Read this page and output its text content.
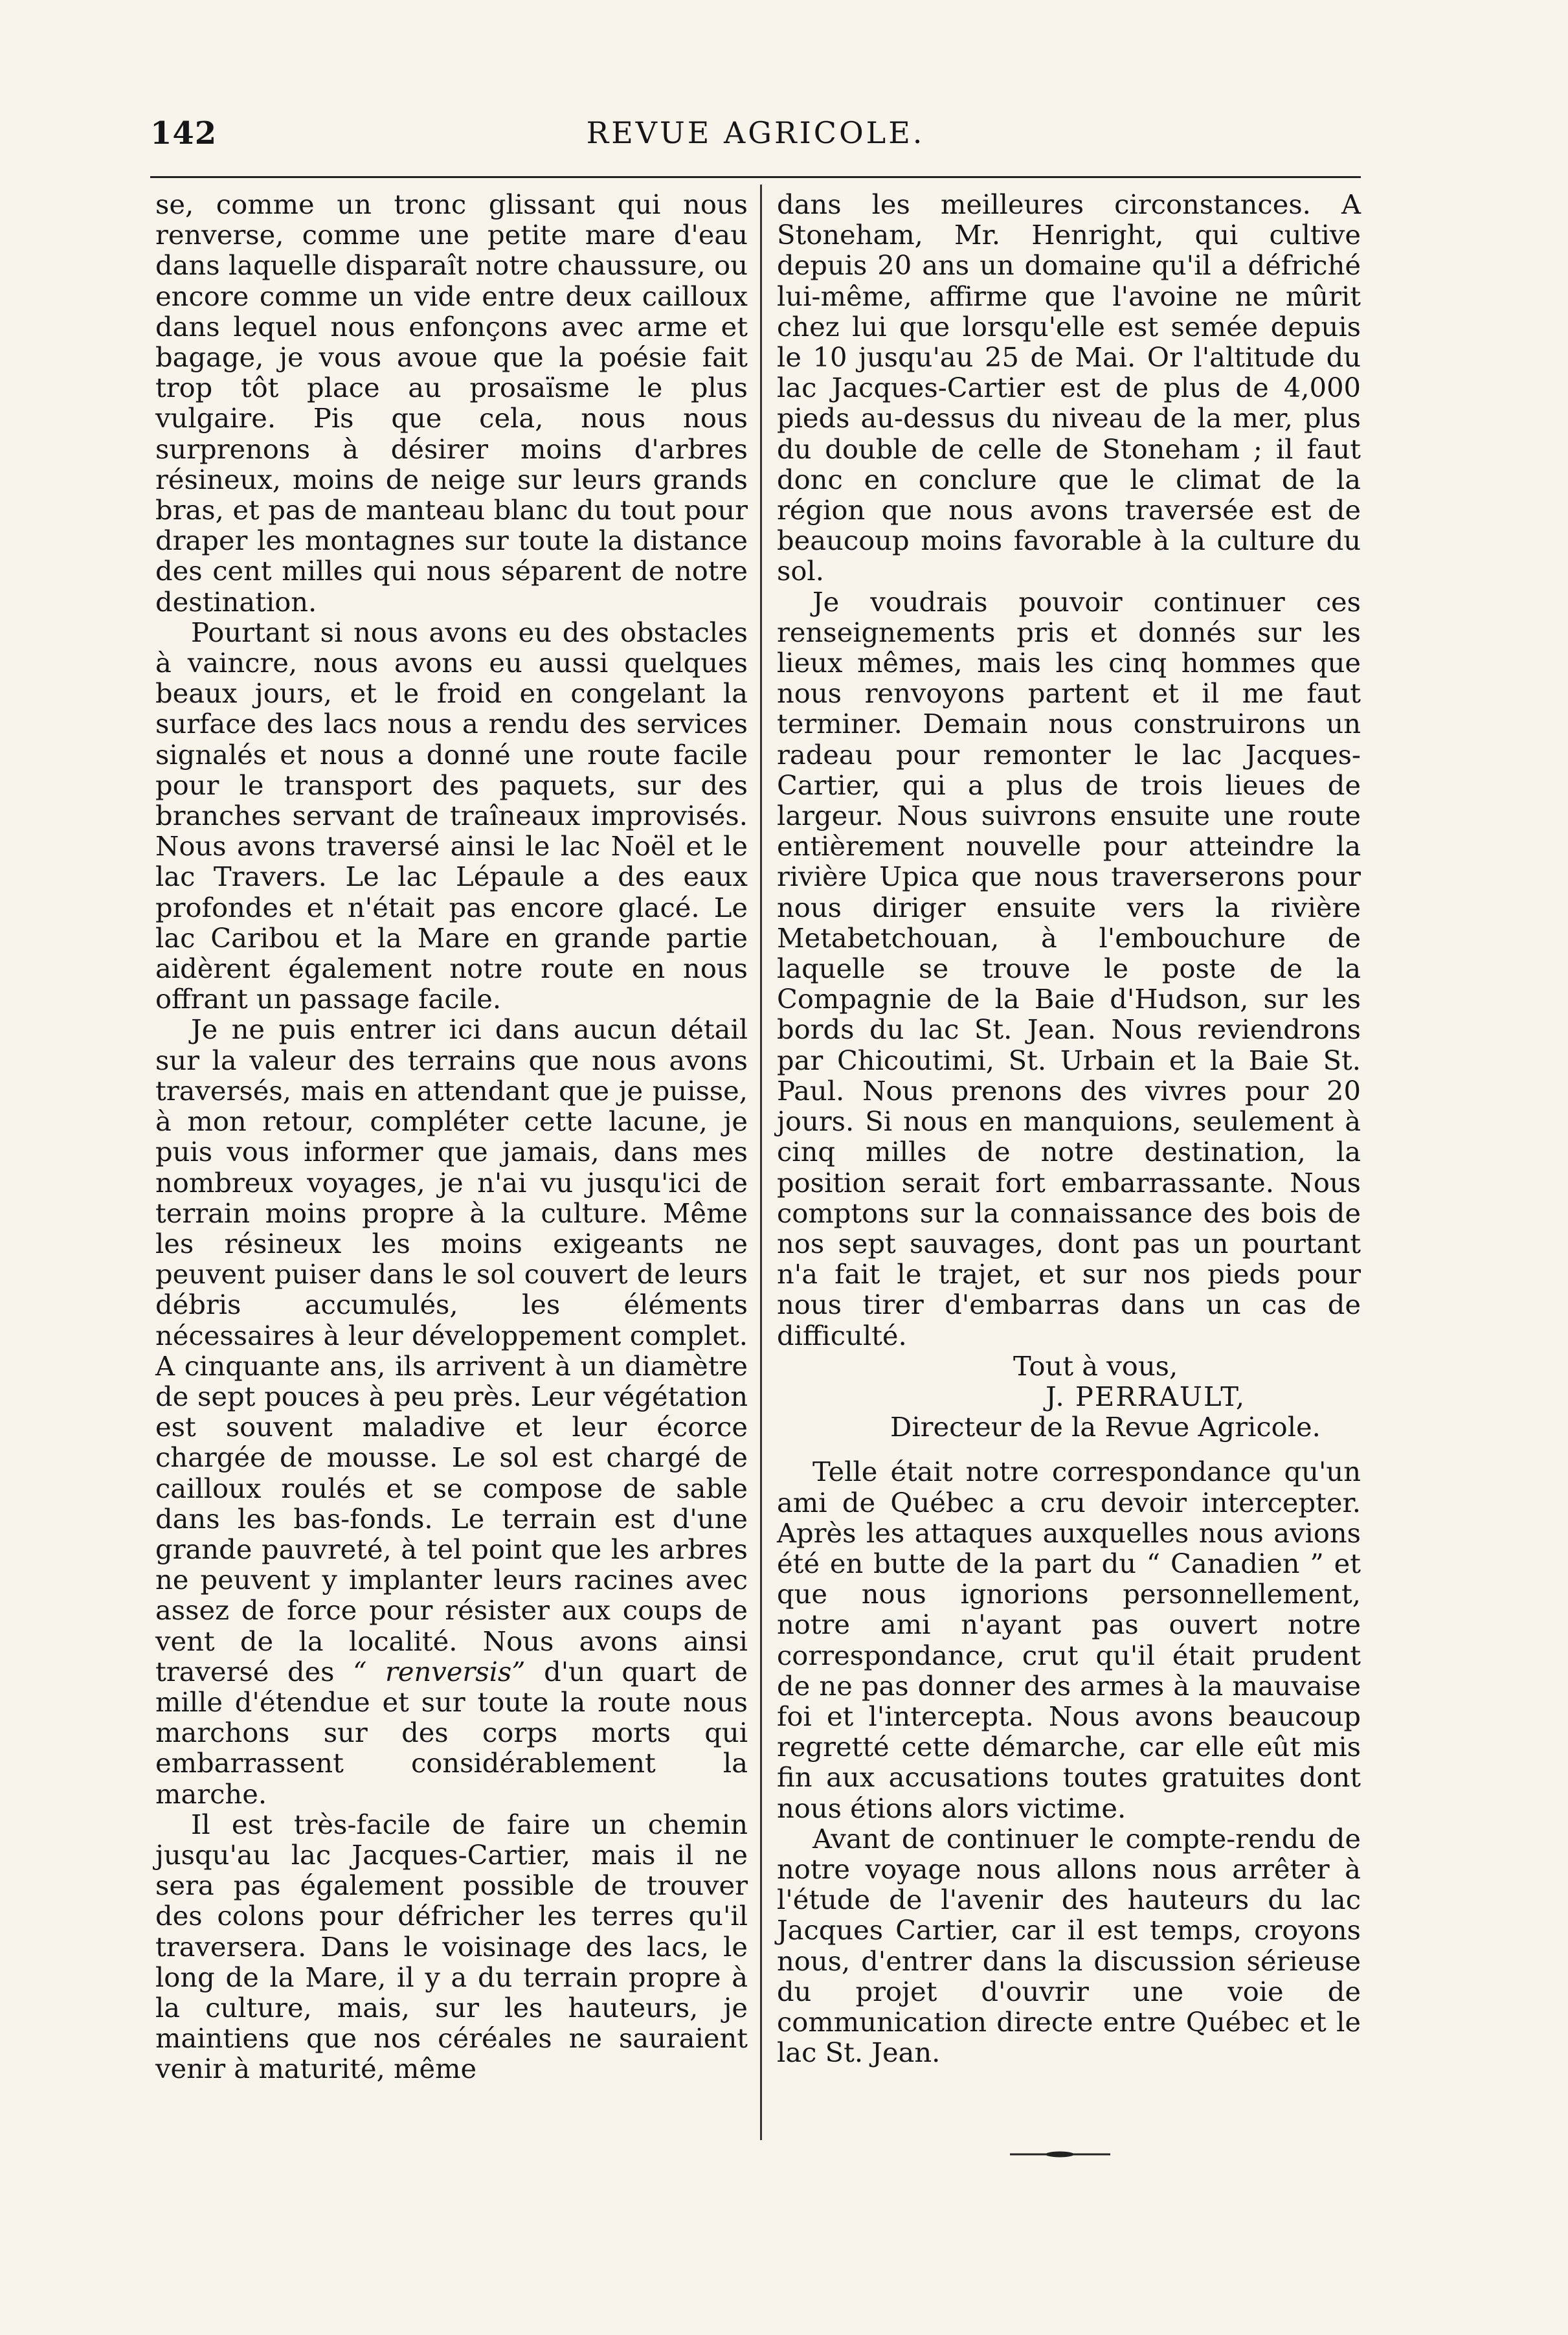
142	REVUE AGRICOLE.

se, comme un tronc glissant qui nous renverse, comme une petite mare d'eau dans laquelle disparaît notre chaussure, ou encore comme un vide entre deux cailloux dans lequel nous enfonçons avec arme et bagage, je vous avoue que la poésie fait trop tôt place au prosaïsme le plus vulgaire. Pis que cela, nous nous surprenons à désirer moins d'arbres résineux, moins de neige sur leurs grands bras, et pas de manteau blanc du tout pour draper les montagnes sur toute la distance des cent milles qui nous séparent de notre destination.

Pourtant si nous avons eu des obstacles à vaincre, nous avons eu aussi quelques beaux jours, et le froid en congelant la surface des lacs nous a rendu des services signalés et nous a donné une route facile pour le transport des paquets, sur des branches servant de traîneaux improvisés. Nous avons traversé ainsi le lac Noël et le lac Travers. Le lac Lépaule a des eaux profondes et n'était pas encore glacé. Le lac Caribou et la Mare en grande partie aidèrent également notre route en nous offrant un passage facile.

Je ne puis entrer ici dans aucun détail sur la valeur des terrains que nous avons traversés, mais en attendant que je puisse, à mon retour, compléter cette lacune, je puis vous informer que jamais, dans mes nombreux voyages, je n'ai vu jusqu'ici de terrain moins propre à la culture. Même les résineux les moins exigeants ne peuvent puiser dans le sol couvert de leurs débris accumulés, les éléments nécessaires à leur développement complet. A cinquante ans, ils arrivent à un diamètre de sept pouces à peu près. Leur végétation est souvent maladive et leur écorce chargée de mousse. Le sol est chargé de cailloux roulés et se compose de sable dans les bas-fonds. Le terrain est d'une grande pauvreté, à tel point que les arbres ne peuvent y implanter leurs racines avec assez de force pour résister aux coups de vent de la localité. Nous avons ainsi traversé des “ renversis” d'un quart de mille d'étendue et sur toute la route nous marchons sur des corps morts qui embarrassent considérablement la marche.

Il est très-facile de faire un chemin jusqu'au lac Jacques-Cartier, mais il ne sera pas également possible de trouver des colons pour défricher les terres qu'il traversera. Dans le voisinage des lacs, le long de la Mare, il y a du terrain propre à la culture, mais, sur les hauteurs, je maintiens que nos céréales ne sauraient venir à maturité, même

dans les meilleures circonstances. A Stoneham, Mr. Henright, qui cultive depuis 20 ans un domaine qu'il a défriché lui-même, affirme que l'avoine ne mûrit chez lui que lorsqu'elle est semée depuis le 10 jusqu'au 25 de Mai. Or l'altitude du lac Jacques-Cartier est de plus de 4,000 pieds au-dessus du niveau de la mer, plus du double de celle de Stoneham ; il faut donc en conclure que le climat de la région que nous avons traversée est de beaucoup moins favorable à la culture du sol.

Je voudrais pouvoir continuer ces renseignements pris et donnés sur les lieux mêmes, mais les cinq hommes que nous renvoyons partent et il me faut terminer. Demain nous construirons un radeau pour remonter le lac Jacques-Cartier, qui a plus de trois lieues de largeur. Nous suivrons ensuite une route entièrement nouvelle pour atteindre la rivière Upica que nous traverserons pour nous diriger ensuite vers la rivière Metabetchouan, à l'embouchure de laquelle se trouve le poste de la Compagnie de la Baie d'Hudson, sur les bords du lac St. Jean. Nous reviendrons par Chicoutimi, St. Urbain et la Baie St. Paul. Nous prenons des vivres pour 20 jours. Si nous en manquions, seulement à cinq milles de notre destination, la position serait fort embarrassante. Nous comptons sur la connaissance des bois de nos sept sauvages, dont pas un pourtant n'a fait le trajet, et sur nos pieds pour nous tirer d'embarras dans un cas de difficulté.

Tout à vous,

J. PERRAULT,

Directeur de la Revue Agricole.

Telle était notre correspondance qu'un ami de Québec a cru devoir intercepter. Après les attaques auxquelles nous avions été en butte de la part du “ Canadien ” et que nous ignorions personnellement, notre ami n'ayant pas ouvert notre correspondance, crut qu'il était prudent de ne pas donner des armes à la mauvaise foi et l'interceptа. Nous avons beaucoup regretté cette démarche, car elle eût mis fin aux accusations toutes gratuites dont nous étions alors victime.

Avant de continuer le compte-rendu de notre voyage nous allons nous arrêter à l'étude de l'avenir des hauteurs du lac Jacques Cartier, car il est temps, croyons nous, d'entrer dans la discussion sérieuse du projet d'ouvrir une voie de communication directe entre Québec et le lac St. Jean.
